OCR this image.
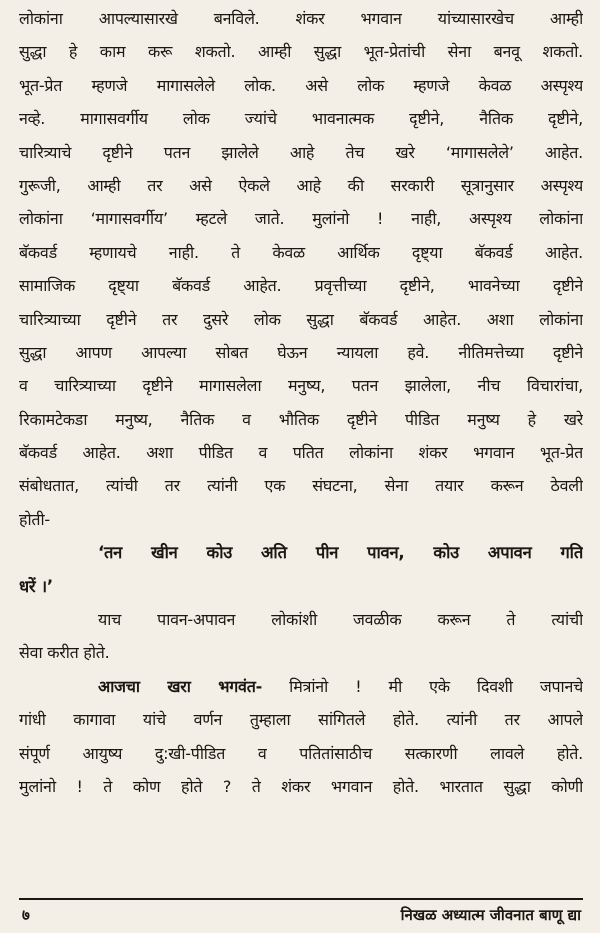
लोकांना आपल्यासारखे बनविले. शंकर भगवान यांच्यासारखेच आम्ही
सुद्धा हे काम करू शकतो. आम्ही सुद्धा भूत-प्रेतांची सेना बनवू शकतो.
भूत-प्रेत म्हणजे मागासलेले लोक. असे लोक म्हणजे केवळ अस्पृश्य
नव्हे. मागासवर्गीय लोक ज्यांचे भावनात्मक दृष्टीने, नैतिक दृष्टीने,
चारित्र्याचे दृष्टीने पतन झालेले आहे तेच खरे ‘मागासलेले’ आहेत.
गुरूजी, आम्ही तर असे ऐकले आहे की सरकारी सूत्रानुसार अस्पृश्य
लोकांना ‘मागासवर्गीय’ म्हटले जाते. मुलांनो ! नाही, अस्पृश्य लोकांना
बॅकवर्ड म्हणायचे नाही. ते केवळ आर्थिक दृष्ट्या बॅकवर्ड आहेत.
सामाजिक दृष्ट्या बॅकवर्ड आहेत. प्रवृत्तीच्या दृष्टीने, भावनेच्या दृष्टीने
चारित्र्याच्या दृष्टीने तर दुसरे लोक सुद्धा बॅकवर्ड आहेत. अशा लोकांना
सुद्धा आपण आपल्या सोबत घेऊन न्यायला हवे. नीतिमत्तेच्या दृष्टीने
व चारित्र्याच्या दृष्टीने मागासलेला मनुष्य, पतन झालेला, नीच विचारांचा,
रिकामटेकडा मनुष्य, नैतिक व भौतिक दृष्टीने पीडित मनुष्य हे खरे
बॅकवर्ड आहेत. अशा पीडित व पतित लोकांना शंकर भगवान भूत-प्रेत
संबोधतात, त्यांची तर त्यांनी एक संघटना, सेना तयार करून ठेवली
होती-
‘तन खीन कोउ अति पीन पावन, कोउ अपावन गति
धरें ।’
याच पावन-अपावन लोकांशी जवळीक करून ते त्यांची
सेवा करीत होते.
आजचा खरा भगवंत- मित्रांनो ! मी एके दिवशी जपानचे
गांधी कागावा यांचे वर्णन तुम्हाला सांगितले होते. त्यांनी तर आपले
संपूर्ण आयुष्य दु:खी-पीडित व पतितांसाठीच सत्कारणी लावले होते.
मुलांनो ! ते कोण होते ? ते शंकर भगवान होते. भारतात सुद्धा कोणी
७	निखळ अध्यात्म जीवनात बाणू द्या
